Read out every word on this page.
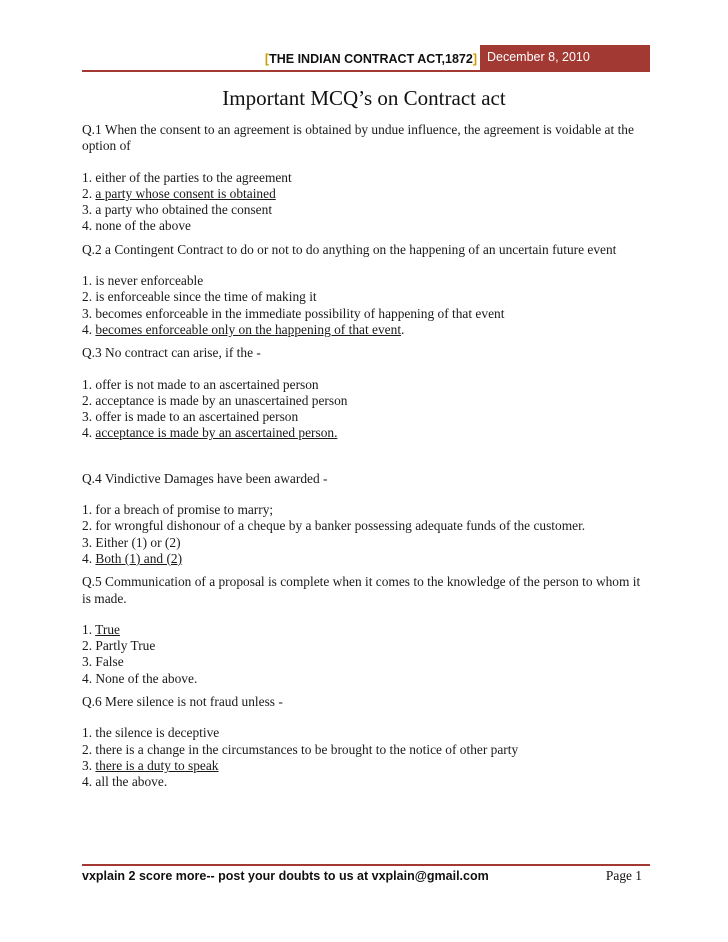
[THE INDIAN CONTRACT ACT,1872] December 8, 2010
Important MCQ’s on Contract act

Q.1 When the consent to an agreement is obtained by undue influence, the agreement is voidable at the option of

1. either of the parties to the agreement

2. a party whose consent is obtained

3. a party who obtained the consent

4. none of the above

Q.2 a Contingent Contract to do or not to do anything on the happening of an uncertain future event

1. is never enforceable

2. is enforceable since the time of making it

3. becomes enforceable in the immediate possibility of happening of that event

4. becomes enforceable only on the happening of that event.

Q.3 No contract can arise, if the -

1. offer is not made to an ascertained person

2. acceptance is made by an unascertained person

3. offer is made to an ascertained person

4. acceptance is made by an ascertained person.

Q.4 Vindictive Damages have been awarded -

1. for a breach of promise to marry;

2. for wrongful dishonour of a cheque by a banker possessing adequate funds of the customer.

3. Either (1) or (2)

4. Both (1) and (2)

Q.5 Communication of a proposal is complete when it comes to the knowledge of the person to whom it is made.

1. True

2. Partly True

3. False

4. None of the above.

Q.6 Mere silence is not fraud unless -

1. the silence is deceptive

2. there is a change in the circumstances to be brought to the notice of other party

3. there is a duty to speak

4. all the above.

vxplain 2 score more-- post your doubts to us at vxplain@gmail.com	Page 1
